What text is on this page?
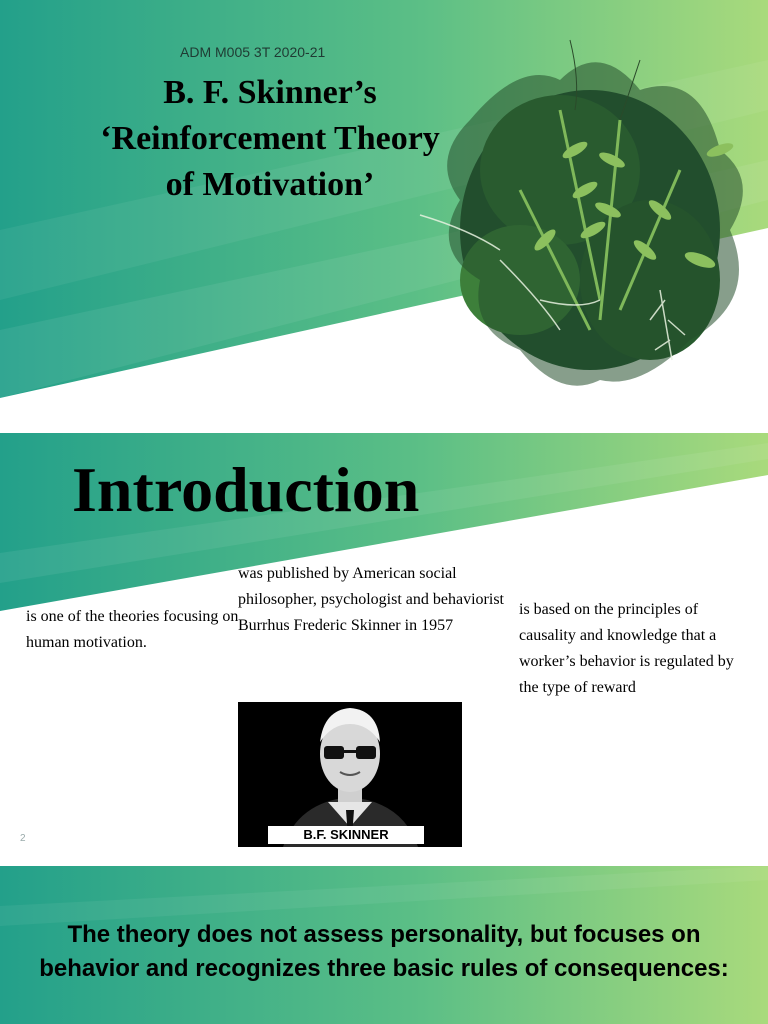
ADM M005 3T 2020-21
B. F. Skinner’s
‘Reinforcement Theory
of Motivation’
Introduction
is one of the theories focusing on human motivation.
was published by American social philosopher, psychologist and behaviorist Burrhus Frederic Skinner in 1957
is based on the principles of causality and knowledge that a worker’s behavior is regulated by the type of reward
B.F. SKINNER
2
The theory does not assess personality, but focuses on behavior and recognizes three basic rules of consequences:
